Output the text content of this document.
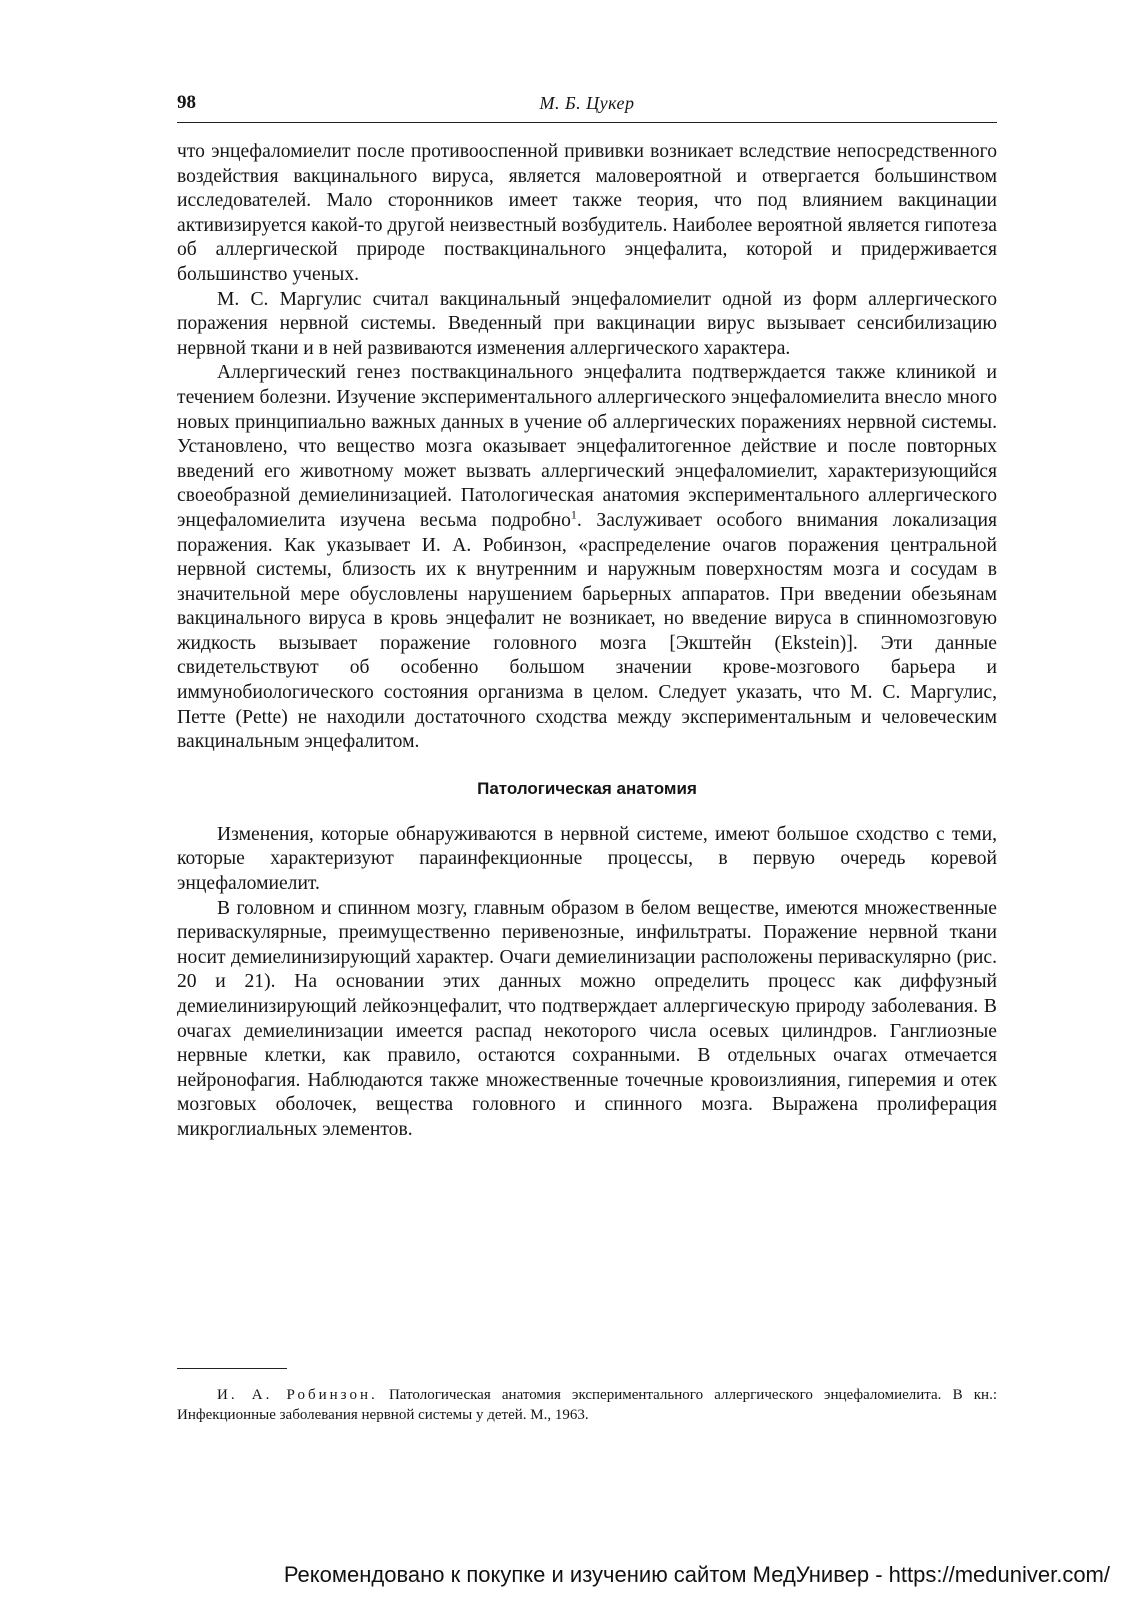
98	М. Б. Цукер

что энцефаломиелит после противооспенной прививки возникает вследствие непосредственного воздействия вакцинального вируса, является маловероятной и отвергается большинством исследователей. Мало сторонников имеет также теория, что под влиянием вакцинации активизируется какой-то другой неизвестный возбудитель. Наиболее вероятной является гипотеза об аллергической природе поствакцинального энцефалита, которой и придерживается большинство ученых.

М. С. Маргулис считал вакцинальный энцефаломиелит одной из форм аллергического поражения нервной системы. Введенный при вакцинации вирус вызывает сенсибилизацию нервной ткани и в ней развиваются изменения аллергического характера.

Аллергический генез поствакцинального энцефалита подтверждается также клиникой и течением болезни. Изучение экспериментального аллергического энцефаломиелита внесло много новых принципиально важных данных в учение об аллергических поражениях нервной системы. Установлено, что вещество мозга оказывает энцефалитогенное действие и после повторных введений его животному может вызвать аллергический энцефаломиелит, характеризующийся своеобразной демиелинизацией. Патологическая анатомия экспериментального аллергического энцефаломиелита изучена весьма подробно$^1$. Заслуживает особого внимания локализация поражения. Как указывает И. А. Робинзон, «распределение очагов поражения центральной нервной системы, близость их к внутренним и наружным поверхностям мозга и сосудам в значительной мере обусловлены нарушением барьерных аппаратов. При введении обезьянам вакцинального вируса в кровь энцефалит не возникает, но введение вируса в спинномозговую жидкость вызывает поражение головного мозга [Экштейн (Ekstein)]. Эти данные свидетельствуют об особенно большом значении крове-мозгового барьера и иммунобиологического состояния организма в целом. Следует указать, что М. С. Маргулис, Петте (Pette) не находили достаточного сходства между экспериментальным и человеческим вакцинальным энцефалитом.

Патологическая анатомия

Изменения, которые обнаруживаются в нервной системе, имеют большое сходство с теми, которые характеризуют параинфекционные процессы, в первую очередь коревой энцефаломиелит.

В головном и спинном мозгу, главным образом в белом веществе, имеются множественные периваскулярные, преимущественно перивенозные, инфильтраты. Поражение нервной ткани носит демиелинизирующий характер. Очаги демиелинизации расположены периваскулярно (рис. 20 и 21). На основании этих данных можно определить процесс как диффузный демиелинизирующий лейкоэнцефалит, что подтверждает аллергическую природу заболевания. В очагах демиелинизации имеется распад некоторого числа осевых цилиндров. Ганглиозные нервные клетки, как правило, остаются сохранными. В отдельных очагах отмечается нейронофагия. Наблюдаются также множественные точечные кровоизлияния, гиперемия и отек мозговых оболочек, вещества головного и спинного мозга. Выражена пролиферация микроглиальных элементов.

И. А. Робинзон. Патологическая анатомия экспериментального аллергического энцефаломиелита. В кн.: Инфекционные заболевания нервной системы у детей. М., 1963.
Рекомендовано к покупке и изучению сайтом МедУнивер - https://meduniver.com/
